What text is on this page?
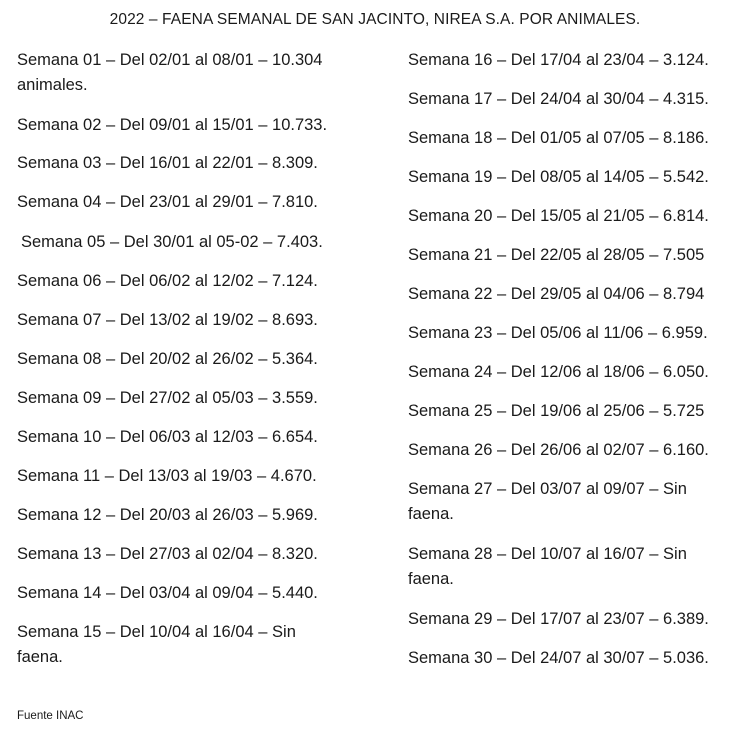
2022 – FAENA SEMANAL DE SAN JACINTO, NIREA S.A. POR ANIMALES.
Semana 01 – Del 02/01 al 08/01 – 10.304
animales.
Semana 02 – Del 09/01 al 15/01 – 10.733.
Semana 03 – Del 16/01 al 22/01 – 8.309.
Semana 04 – Del 23/01 al 29/01 – 7.810.
Semana 05 – Del 30/01 al 05-02 – 7.403.
Semana 06 – Del 06/02 al 12/02 – 7.124.
Semana 07 – Del 13/02 al 19/02 – 8.693.
Semana 08 – Del 20/02 al 26/02 – 5.364.
Semana 09 – Del 27/02 al 05/03 – 3.559.
Semana 10 – Del 06/03 al 12/03 – 6.654.
Semana 11 – Del 13/03 al 19/03 – 4.670.
Semana 12 – Del 20/03 al 26/03 – 5.969.
Semana 13 – Del 27/03 al 02/04 – 8.320.
Semana 14 – Del 03/04 al 09/04 – 5.440.
Semana 15 – Del 10/04 al 16/04 – Sin
faena.
Semana 16 – Del 17/04 al 23/04 – 3.124.
Semana 17 – Del 24/04 al 30/04 – 4.315.
Semana 18 – Del 01/05 al 07/05 – 8.186.
Semana 19 – Del 08/05 al 14/05 – 5.542.
Semana 20 – Del 15/05 al 21/05 – 6.814.
Semana 21 – Del 22/05 al 28/05 – 7.505
Semana 22 – Del 29/05 al 04/06 – 8.794
Semana 23 – Del 05/06 al 11/06 – 6.959.
Semana 24 – Del 12/06 al 18/06 – 6.050.
Semana 25 – Del 19/06 al 25/06 – 5.725
Semana 26 – Del 26/06 al 02/07 – 6.160.
Semana 27 – Del 03/07 al 09/07 – Sin
faena.
Semana 28 – Del 10/07 al 16/07 – Sin
faena.
Semana 29 – Del 17/07 al 23/07 – 6.389.
Semana 30 – Del 24/07 al 30/07 – 5.036.
Fuente INAC
